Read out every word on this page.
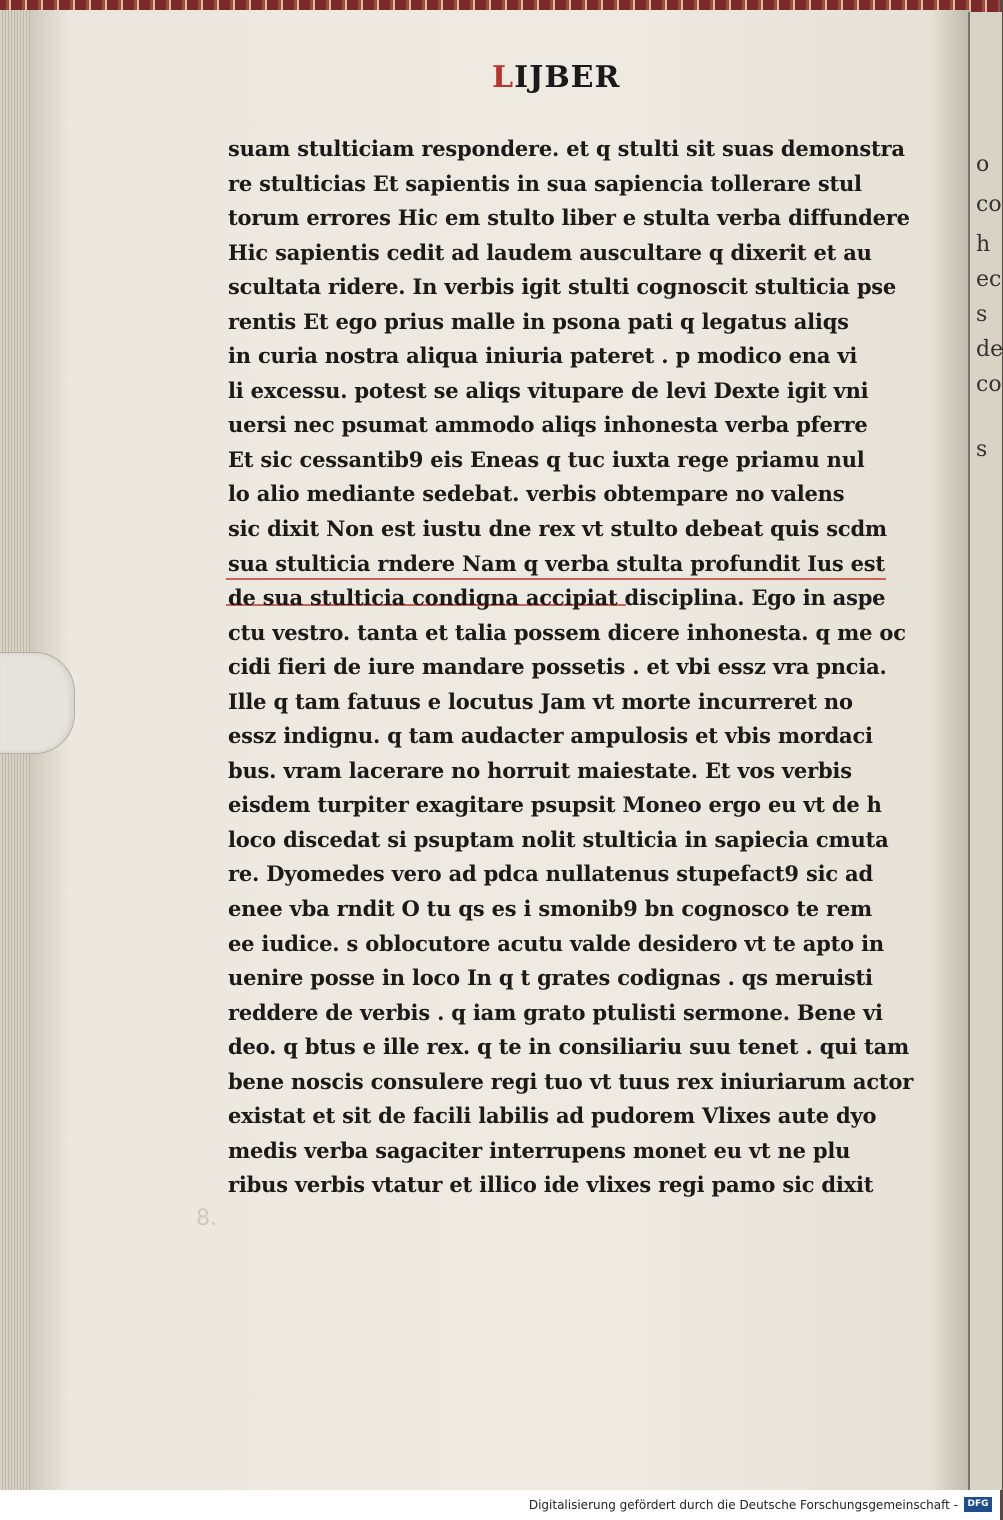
o
co
h
ec
s
de
co
s
LIJBER
suam stulticiam respondere. et q stulti sit suas demonstra
re stulticias Et sapientis in sua sapiencia tollerare stul
torum errores Hic em stulto liber e stulta verba diffundere
Hic sapientis cedit ad laudem auscultare q dixerit et au
scultata ridere. In verbis igit stulti cognoscit stulticia pse
rentis Et ego prius malle in psona pati q legatus aliqs
in curia nostra aliqua iniuria pateret . p modico ena vi
li excessu. potest se aliqs vitupare de levi Dexte igit vni
uersi nec psumat ammodo aliqs inhonesta verba pferre
Et sic cessantib9 eis Eneas q tuc iuxta rege priamu nul
lo alio mediante sedebat. verbis obtempare no valens
sic dixit Non est iustu dne rex vt stulto debeat quis scdm
sua stulticia rndere Nam q verba stulta profundit Ius est
de sua stulticia condigna accipiat disciplina. Ego in aspe
ctu vestro. tanta et talia possem dicere inhonesta. q me oc
cidi fieri de iure mandare possetis . et vbi essz vra pncia.
Ille q tam fatuus e locutus Jam vt morte incurreret no
essz indignu. q tam audacter ampulosis et vbis mordaci
bus. vram lacerare no horruit maiestate. Et vos verbis
eisdem turpiter exagitare psupsit Moneo ergo eu vt de h
loco discedat si psuptam nolit stulticia in sapiecia cmuta
re. Dyomedes vero ad pdca nullatenus stupefact9 sic ad
enee vba rndit O tu qs es i smonib9 bn cognosco te rem
ee iudice. s oblocutore acutu valde desidero vt te apto in
uenire posse in loco In q t grates codignas . qs meruisti
reddere de verbis . q iam grato ptulisti sermone. Bene vi
deo. q btus e ille rex. q te in consiliariu suu tenet . qui tam
bene noscis consulere regi tuo vt tuus rex iniuriarum actor
existat et sit de facili labilis ad pudorem Vlixes aute dyo
medis verba sagaciter interrupens monet eu vt ne plu
ribus verbis vtatur et illico ide vlixes regi pamo sic dixit
8.
Digitalisierung gefördert durch die Deutsche Forschungsgemeinschaft -	DFG
